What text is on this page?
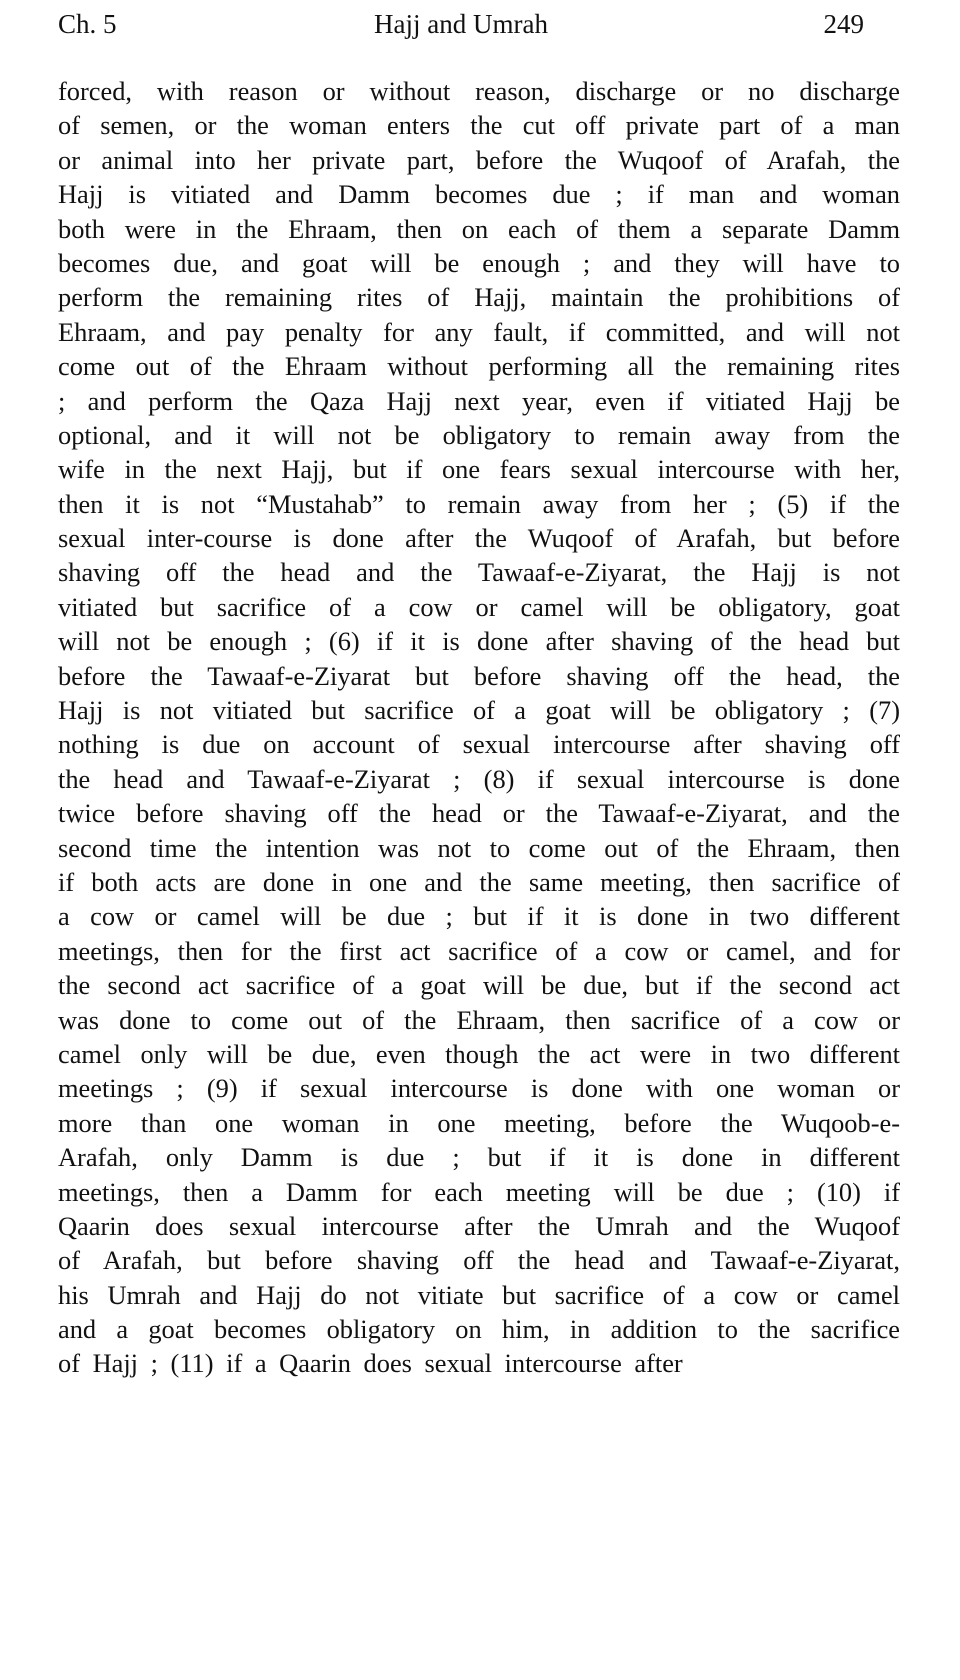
Ch. 5	Hajj and Umrah	249
forced, with reason or without reason, discharge or no discharge
of semen, or the woman enters the cut off private part of a man
or animal into her private part, before the Wuqoof of Arafah, the
Hajj is vitiated and Damm becomes due ; if man and woman
both were in the Ehraam, then on each of them a separate Damm
becomes due, and goat will be enough ; and they will have to
perform the remaining rites of Hajj, maintain the prohibitions of
Ehraam, and pay penalty for any fault, if committed, and will not
come out of the Ehraam without performing all the remaining rites
; and perform the Qaza Hajj next year, even if vitiated Hajj be
optional, and it will not be obligatory to remain away from the
wife in the next Hajj, but if one fears sexual intercourse with her,
then it is not “Mustahab” to remain away from her ; (5) if the
sexual inter-course is done after the Wuqoof of Arafah, but before
shaving off the head and the Tawaaf-e-Ziyarat, the Hajj is not
vitiated but sacrifice of a cow or camel will be obligatory, goat
will not be enough ; (6) if it is done after shaving of the head but
before the Tawaaf-e-Ziyarat but before shaving off the head, the
Hajj is not vitiated but sacrifice of a goat will be obligatory ; (7)
nothing is due on account of sexual intercourse after shaving off
the head and Tawaaf-e-Ziyarat ; (8) if sexual intercourse is done
twice before shaving off the head or the Tawaaf-e-Ziyarat, and the
second time the intention was not to come out of the Ehraam, then
if both acts are done in one and the same meeting, then sacrifice of
a cow or camel will be due ; but if it is done in two different
meetings, then for the first act sacrifice of a cow or camel, and for
the second act sacrifice of a goat will be due, but if the second act
was done to come out of the Ehraam, then sacrifice of a cow or
camel only will be due, even though the act were in two different
meetings ; (9) if sexual intercourse is done with one woman or
more than one woman in one meeting, before the Wuqoob-e-
Arafah, only Damm is due ; but if it is done in different
meetings, then a Damm for each meeting will be due ; (10) if
Qaarin does sexual intercourse after the Umrah and the Wuqoof
of Arafah, but before shaving off the head and Tawaaf-e-Ziyarat,
his Umrah and Hajj do not vitiate but sacrifice of a cow or camel
and a goat becomes obligatory on him, in addition to the sacrifice
of Hajj ; (11) if a Qaarin does sexual intercourse after
